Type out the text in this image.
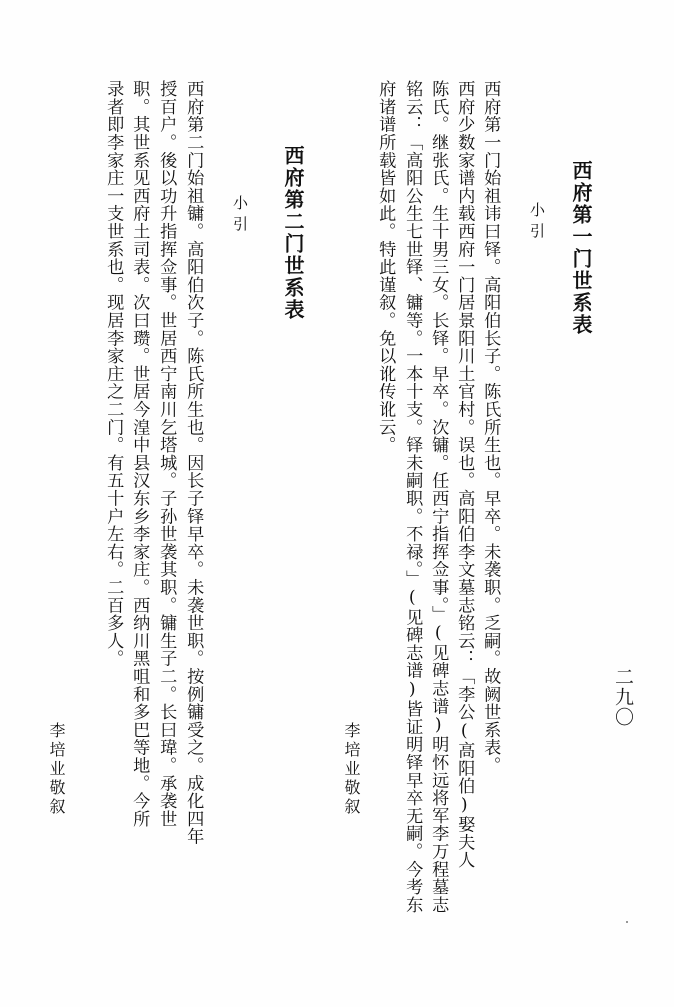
二九〇
西府第一门世系表
小引
西府第一门始祖讳曰铎。高阳伯长子。陈氏所生也。早卒。未袭职。乏嗣。故阙世系表。
西府少数家谱内载西府一门居景阳川土官村。误也。高阳伯李文墓志铭云：「李公(高阳伯)娶夫人
陈氏。继张氏。生十男三女。长铎。早卒。次镛。任西宁指挥佥事。」(见碑志谱)明怀远将军李万程墓志
铭云：「高阳公生七世铎、镛等。一本十支。铎未嗣职。不禄。」(见碑志谱)皆证明铎早卒无嗣。今考东
府诸谱所载皆如此。特此谨叙。免以讹传讹云。
李培业敬叙
西府第二门世系表
小引
西府第二门始祖镛。高阳伯次子。陈氏所生也。因长子铎早卒。未袭世职。按例镛受之。成化四年
授百户。後以功升指挥佥事。世居西宁南川乞塔城。子孙世袭其职。镛生子二。长曰瑋。承袭世
职。其世系见西府土司表。次曰瓒。世居今湟中县汉东乡李家庄。西纳川黑咀和多巴等地。今所
录者即李家庄一支世系也。现居李家庄之二门。有五十户左右。二百多人。
李培业敬叙
